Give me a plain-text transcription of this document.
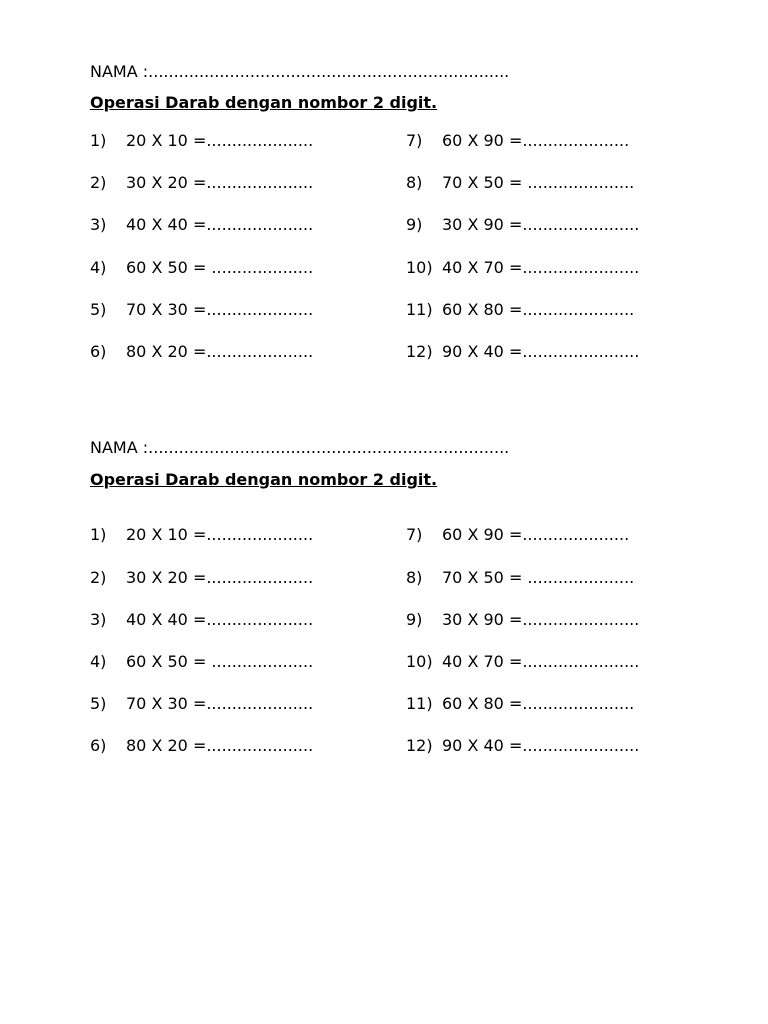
NAMA :.......................................................................
Operasi Darab dengan nombor 2 digit.
1) 20 X 10 =.....................
2) 30 X 20 =.....................
3) 40 X 40 =.....................
4) 60 X 50 = ....................
5) 70 X 30 =.....................
6) 80 X 20 =.....................
7) 60 X 90 =.....................
8) 70 X 50 = .....................
9) 30 X 90 =.......................
10) 40 X 70 =.......................
11) 60 X 80 =......................
12) 90 X 40 =.......................
NAMA :.......................................................................
Operasi Darab dengan nombor 2 digit.
1) 20 X 10 =.....................
2) 30 X 20 =.....................
3) 40 X 40 =.....................
4) 60 X 50 = ....................
5) 70 X 30 =.....................
6) 80 X 20 =.....................
7) 60 X 90 =.....................
8) 70 X 50 = .....................
9) 30 X 90 =.......................
10) 40 X 70 =.......................
11) 60 X 80 =......................
12) 90 X 40 =.......................
